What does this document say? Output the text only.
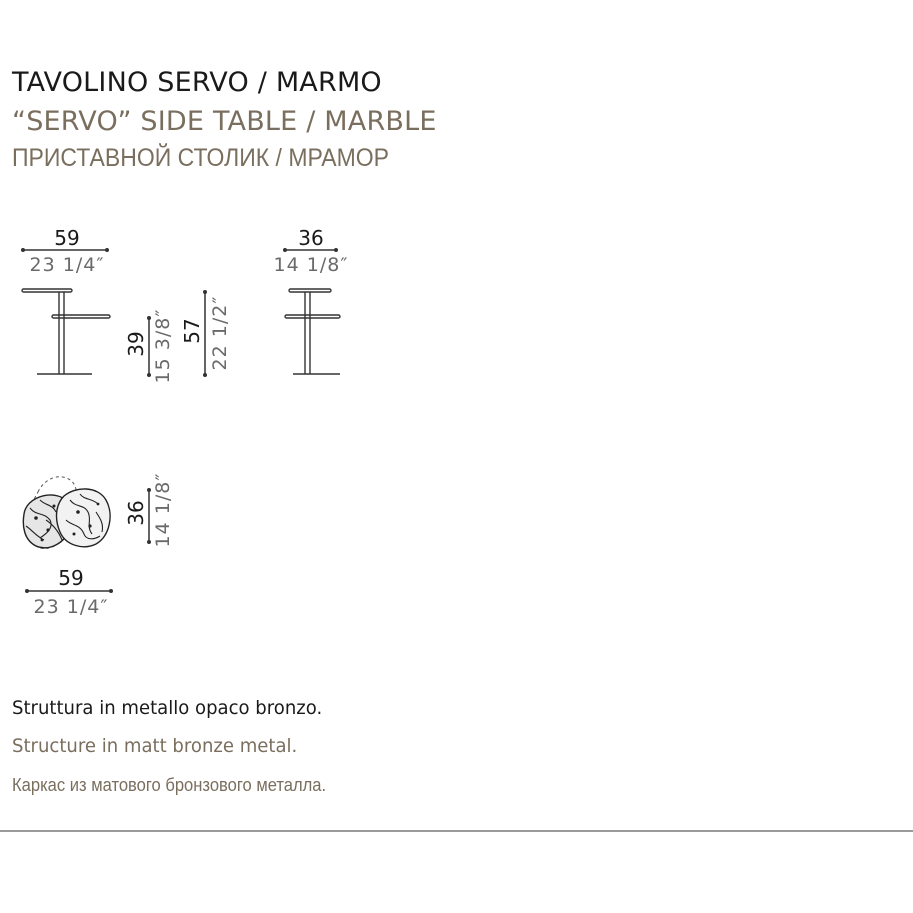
TAVOLINO SERVO / MARMO
“SERVO” SIDE TABLE / MARBLE
ПРИСТАВНОЙ СТОЛИК / МРАМОР
59
23 1/4″
36
14 1/8″
39 15 3/8″ 57 22 1/2″
36 14 1/8″
59
23 1/4″
Struttura in metallo opaco bronzo.
Structure in matt bronze metal.
Каркас из матового бронзового металла.
